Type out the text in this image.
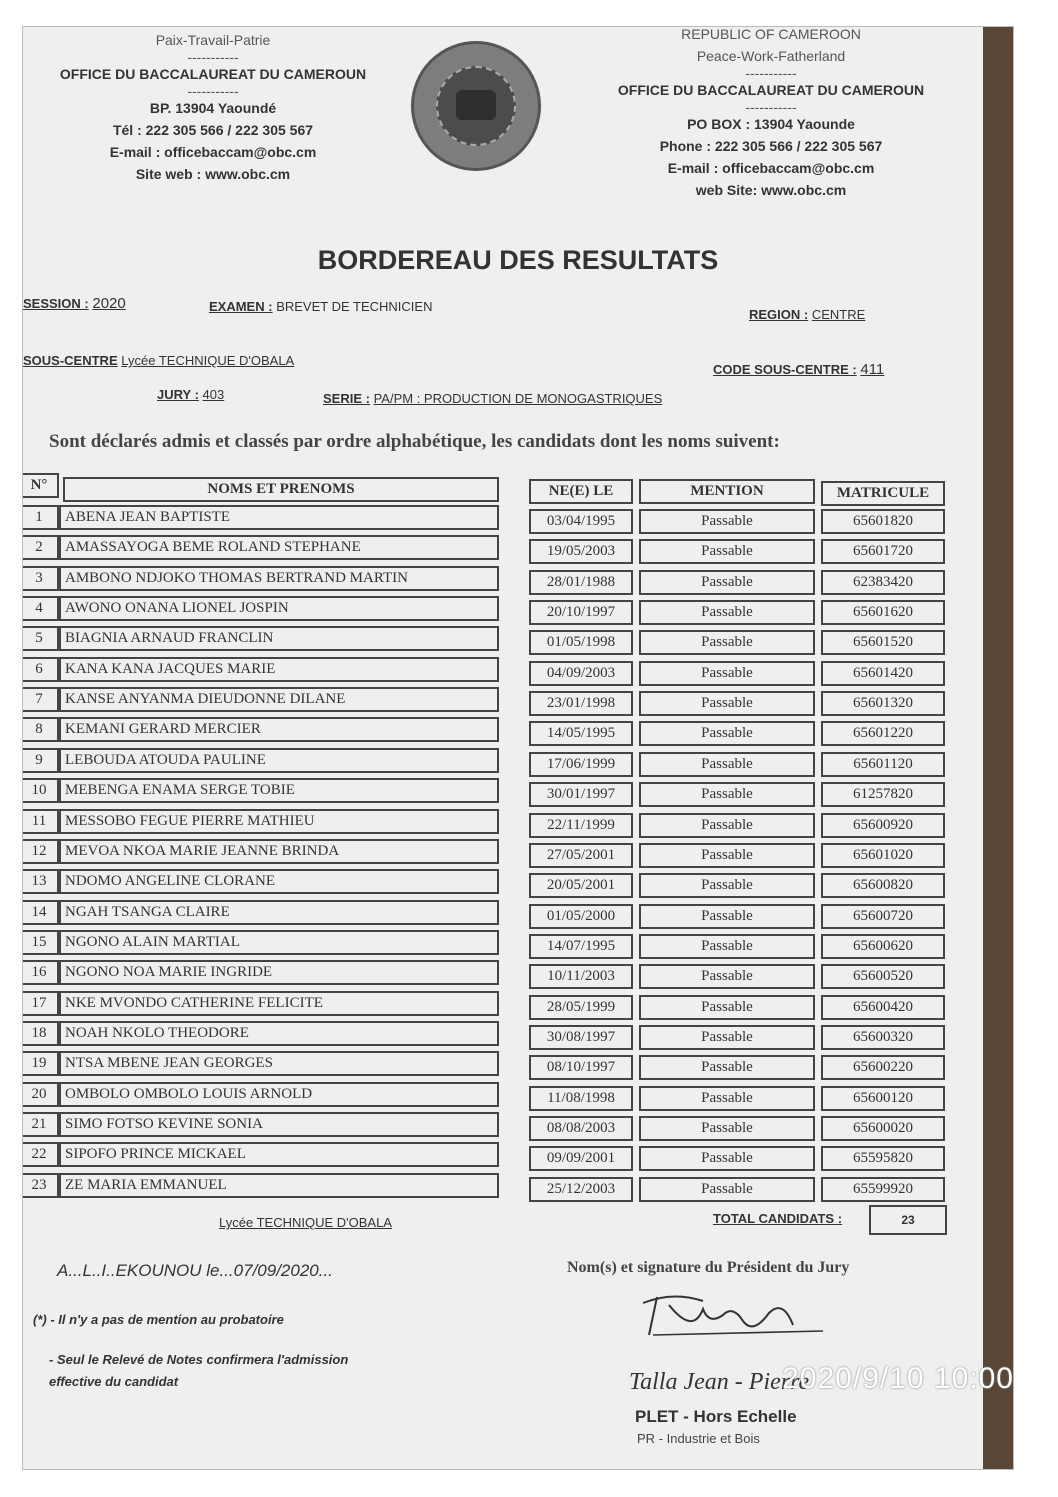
Paix-Travail-Patrie
-----------
OFFICE DU BACCALAUREAT DU CAMEROUN
-----------
BP. 13904 Yaoundé
Tél : 222 305 566 / 222 305 567
E-mail : officebaccam@obc.cm
Site web : www.obc.cm
REPUBLIC OF CAMEROON
Peace-Work-Fatherland
-----------
OFFICE DU BACCALAUREAT DU CAMEROUN
-----------
PO BOX : 13904 Yaounde
Phone : 222 305 566 / 222 305 567
E-mail : officebaccam@obc.cm
web Site: www.obc.cm
BORDEREAU DES RESULTATS
SESSION : 2020	EXAMEN : BREVET DE TECHNICIEN
REGION : CENTRE
SOUS-CENTRE Lycée TECHNIQUE D'OBALA
CODE SOUS-CENTRE : 411
JURY : 403	SERIE : PA/PM : PRODUCTION DE MONOGASTRIQUES
Sont déclarés admis et classés par ordre alphabétique, les candidats dont les noms suivent:
N°	NOMS ET PRENOMS	NE(E) LE	MENTION	MATRICULE
1	ABENA JEAN BAPTISTE	03/04/1995	Passable	65601820
2	AMASSAYOGA BEME ROLAND STEPHANE	19/05/2003	Passable	65601720
3	AMBONO NDJOKO THOMAS BERTRAND MARTIN	28/01/1988	Passable	62383420
4	AWONO ONANA LIONEL JOSPIN	20/10/1997	Passable	65601620
5	BIAGNIA ARNAUD FRANCLIN	01/05/1998	Passable	65601520
6	KANA KANA JACQUES MARIE	04/09/2003	Passable	65601420
7	KANSE ANYANMA DIEUDONNE DILANE	23/01/1998	Passable	65601320
8	KEMANI GERARD MERCIER	14/05/1995	Passable	65601220
9	LEBOUDA ATOUDA PAULINE	17/06/1999	Passable	65601120
10	MEBENGA ENAMA SERGE TOBIE	30/01/1997	Passable	61257820
11	MESSOBO FEGUE PIERRE MATHIEU	22/11/1999	Passable	65600920
12	MEVOA NKOA MARIE JEANNE BRINDA	27/05/2001	Passable	65601020
13	NDOMO ANGELINE CLORANE	20/05/2001	Passable	65600820
14	NGAH TSANGA CLAIRE	01/05/2000	Passable	65600720
15	NGONO ALAIN MARTIAL	14/07/1995	Passable	65600620
16	NGONO NOA MARIE INGRIDE	10/11/2003	Passable	65600520
17	NKE MVONDO CATHERINE FELICITE	28/05/1999	Passable	65600420
18	NOAH NKOLO THEODORE	30/08/1997	Passable	65600320
19	NTSA MBENE JEAN GEORGES	08/10/1997	Passable	65600220
20	OMBOLO OMBOLO LOUIS ARNOLD	11/08/1998	Passable	65600120
21	SIMO FOTSO KEVINE SONIA	08/08/2003	Passable	65600020
22	SIPOFO PRINCE MICKAEL	09/09/2001	Passable	65595820
23	ZE MARIA EMMANUEL	25/12/2003	Passable	65599920
Lycée TECHNIQUE D'OBALA	TOTAL CANDIDATS :	23
A...L..I..EKOUNOU le...07/09/2020...	Nom(s) et signature du Président du Jury
(*) - Il n'y a pas de mention au probatoire
- Seul le Relevé de Notes confirmera l'admission
effective du candidat	Talla Jean - Pierre
PLET - Hors Echelle
PR - Industrie et Bois
2020/9/10 10:00
